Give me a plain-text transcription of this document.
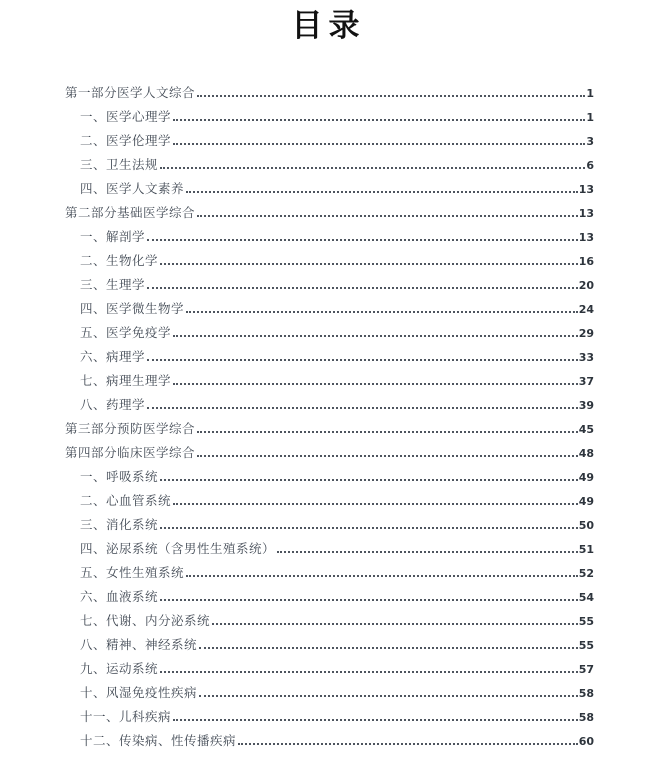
目录
第一部分医学人文综合	1
一、医学心理学	1
二、医学伦理学	3
三、卫生法规	6
四、医学人文素养	13
第二部分基础医学综合	13
一、解剖学	13
二、生物化学	16
三、生理学	20
四、医学微生物学	24
五、医学免疫学	29
六、病理学	33
七、病理生理学	37
八、药理学	39
第三部分预防医学综合	45
第四部分临床医学综合	48
一、呼吸系统	49
二、心血管系统	49
三、消化系统	50
四、泌尿系统（含男性生殖系统）	51
五、女性生殖系统	52
六、血液系统	54
七、代谢、内分泌系统	55
八、精神、神经系统	55
九、运动系统	57
十、风湿免疫性疾病	58
十一、儿科疾病	58
十二、传染病、性传播疾病	60
